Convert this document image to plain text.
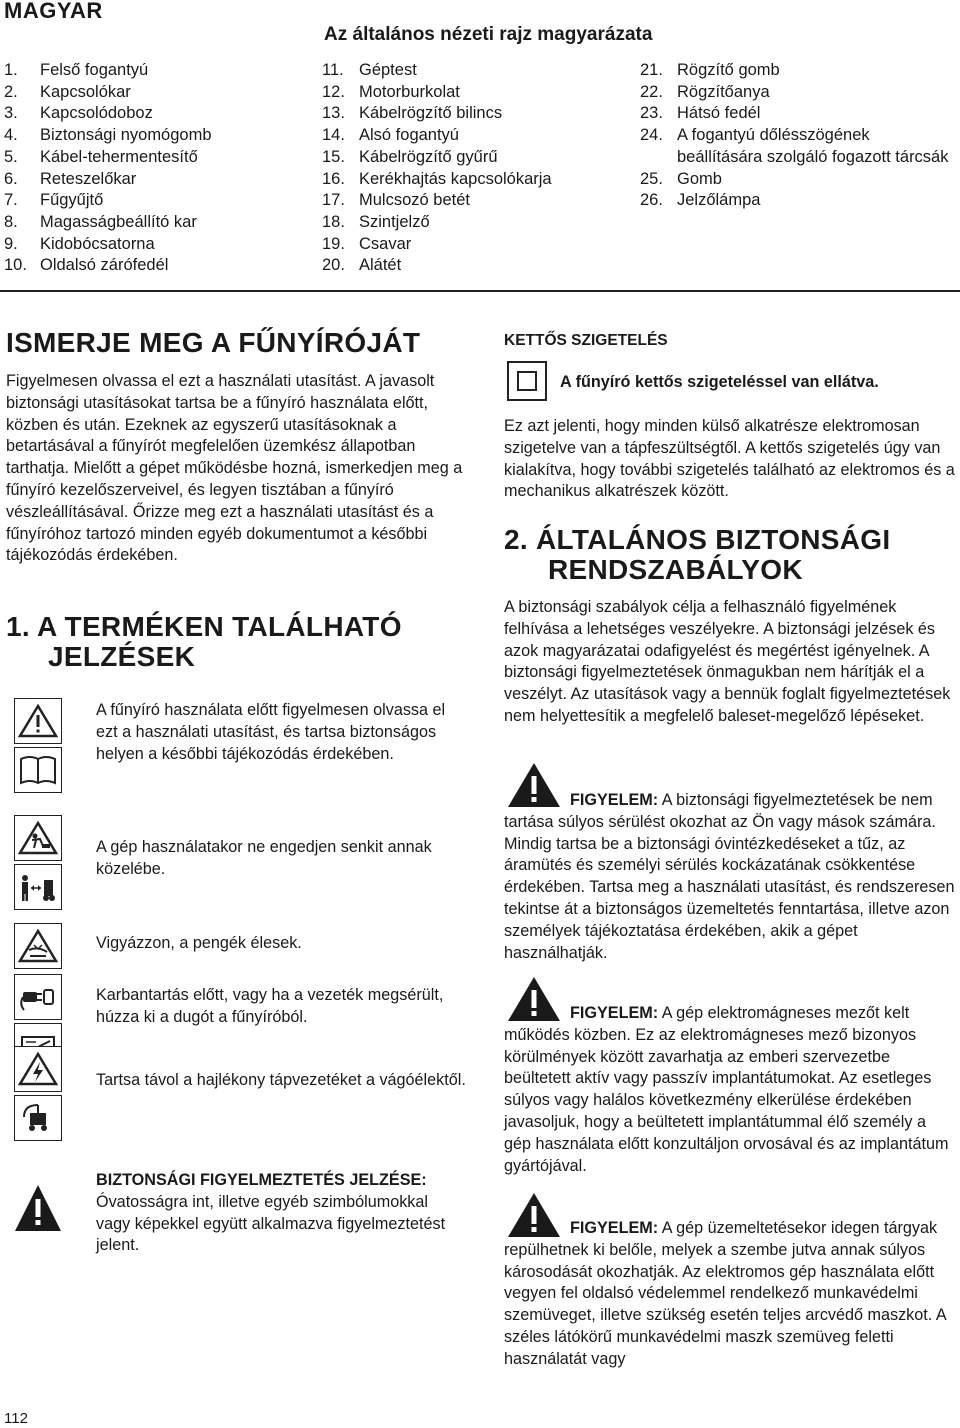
MAGYAR
Az általános nézeti rajz magyarázata
1.	Felső fogantyú
2.	Kapcsolókar
3.	Kapcsolódoboz
4.	Biztonsági nyomógomb
5.	Kábel-tehermentesítő
6.	Reteszelőkar
7.	Fűgyűjtő
8.	Magasságbeállító kar
9.	Kidobócsatorna
10. Oldalsó zárófedél
11. Géptest
12. Motorburkolat
13. Kábelrögzítő bilincs
14. Alsó fogantyú
15. Kábelrögzítő gyűrű
16. Kerékhajtás kapcsolókarja
17. Mulcsozó betét
18. Szintjelző
19. Csavar
20. Alátét
21. Rögzítő gomb
22. Rögzítőanya
23. Hátsó fedél
24. A fogantyú dőlésszögének beállítására szolgáló fogazott tárcsák
25. Gomb
26. Jelzőlámpa
ISMERJE MEG A FŰNYÍRÓJÁT
Figyelmesen olvassa el ezt a használati utasítást. A javasolt biztonsági utasításokat tartsa be a fűnyíró használata előtt, közben és után. Ezeknek az egyszerű utasításoknak a betartásával a fűnyírót megfelelően üzemkész állapotban tarthatja. Mielőtt a gépet működésbe hozná, ismerkedjen meg a fűnyíró kezelőszerveivel, és legyen tisztában a fűnyíró vészleállításával. Őrizze meg ezt a használati utasítást és a fűnyíróhoz tartozó minden egyéb dokumentumot a későbbi tájékozódás érdekében.
1. A TERMÉKEN TALÁLHATÓ
JELZÉSEK
A fűnyíró használata előtt figyelmesen olvassa el ezt a használati utasítást, és tartsa biztonságos helyen a későbbi tájékozódás érdekében.
A gép használatakor ne engedjen senkit annak közelébe.
Vigyázzon, a pengék élesek.
Karbantartás előtt, vagy ha a vezeték megsérült, húzza ki a dugót a fűnyíróból.
Tartsa távol a hajlékony tápvezetéket a vágóélektől.
BIZTONSÁGI FIGYELMEZTETÉS JELZÉSE: Óvatosságra int, illetve egyéb szimbólumokkal vagy képekkel együtt alkalmazva figyelmeztetést jelent.
KETTŐS SZIGETELÉS
A fűnyíró kettős szigeteléssel van ellátva.
Ez azt jelenti, hogy minden külső alkatrésze elektromosan szigetelve van a tápfeszültségtől. A kettős szigetelés úgy van kialakítva, hogy további szigetelés található az elektromos és a mechanikus alkatrészek között.
2. ÁLTALÁNOS BIZTONSÁGI
RENDSZABÁLYOK
A biztonsági szabályok célja a felhasználó figyelmének felhívása a lehetséges veszélyekre. A biztonsági jelzések és azok magyarázatai odafigyelést és megértést igényelnek. A biztonsági figyelmeztetések önmagukban nem hárítják el a veszélyt. Az utasítások vagy a bennük foglalt figyelmeztetések nem helyettesítik a megfelelő baleset-megelőző lépéseket.
FIGYELEM: A biztonsági figyelmeztetések be nem tartása súlyos sérülést okozhat az Ön vagy mások számára. Mindig tartsa be a biztonsági óvintézkedéseket a tűz, az áramütés és személyi sérülés kockázatának csökkentése érdekében. Tartsa meg a használati utasítást, és rendszeresen tekintse át a biztonságos üzemeltetés fenntartása, illetve azon személyek tájékoztatása érdekében, akik a gépet használhatják.
FIGYELEM: A gép elektromágneses mezőt kelt működés közben. Ez az elektromágneses mező bizonyos körülmények között zavarhatja az emberi szervezetbe beültetett aktív vagy passzív implantátumokat. Az esetleges súlyos vagy halálos következmény elkerülése érdekében javasoljuk, hogy a beültetett implantátummal élő személy a gép használata előtt konzultáljon orvosával és az implantátum gyártójával.
FIGYELEM: A gép üzemeltetésekor idegen tárgyak repülhetnek ki belőle, melyek a szembe jutva annak súlyos károsodását okozhatják. Az elektromos gép használata előtt vegyen fel oldalsó védelemmel rendelkező munkavédelmi szemüveget, illetve szükség esetén teljes arcvédő maszkot. A széles látókörű munkavédelmi maszk szemüveg feletti használatát vagy
112
